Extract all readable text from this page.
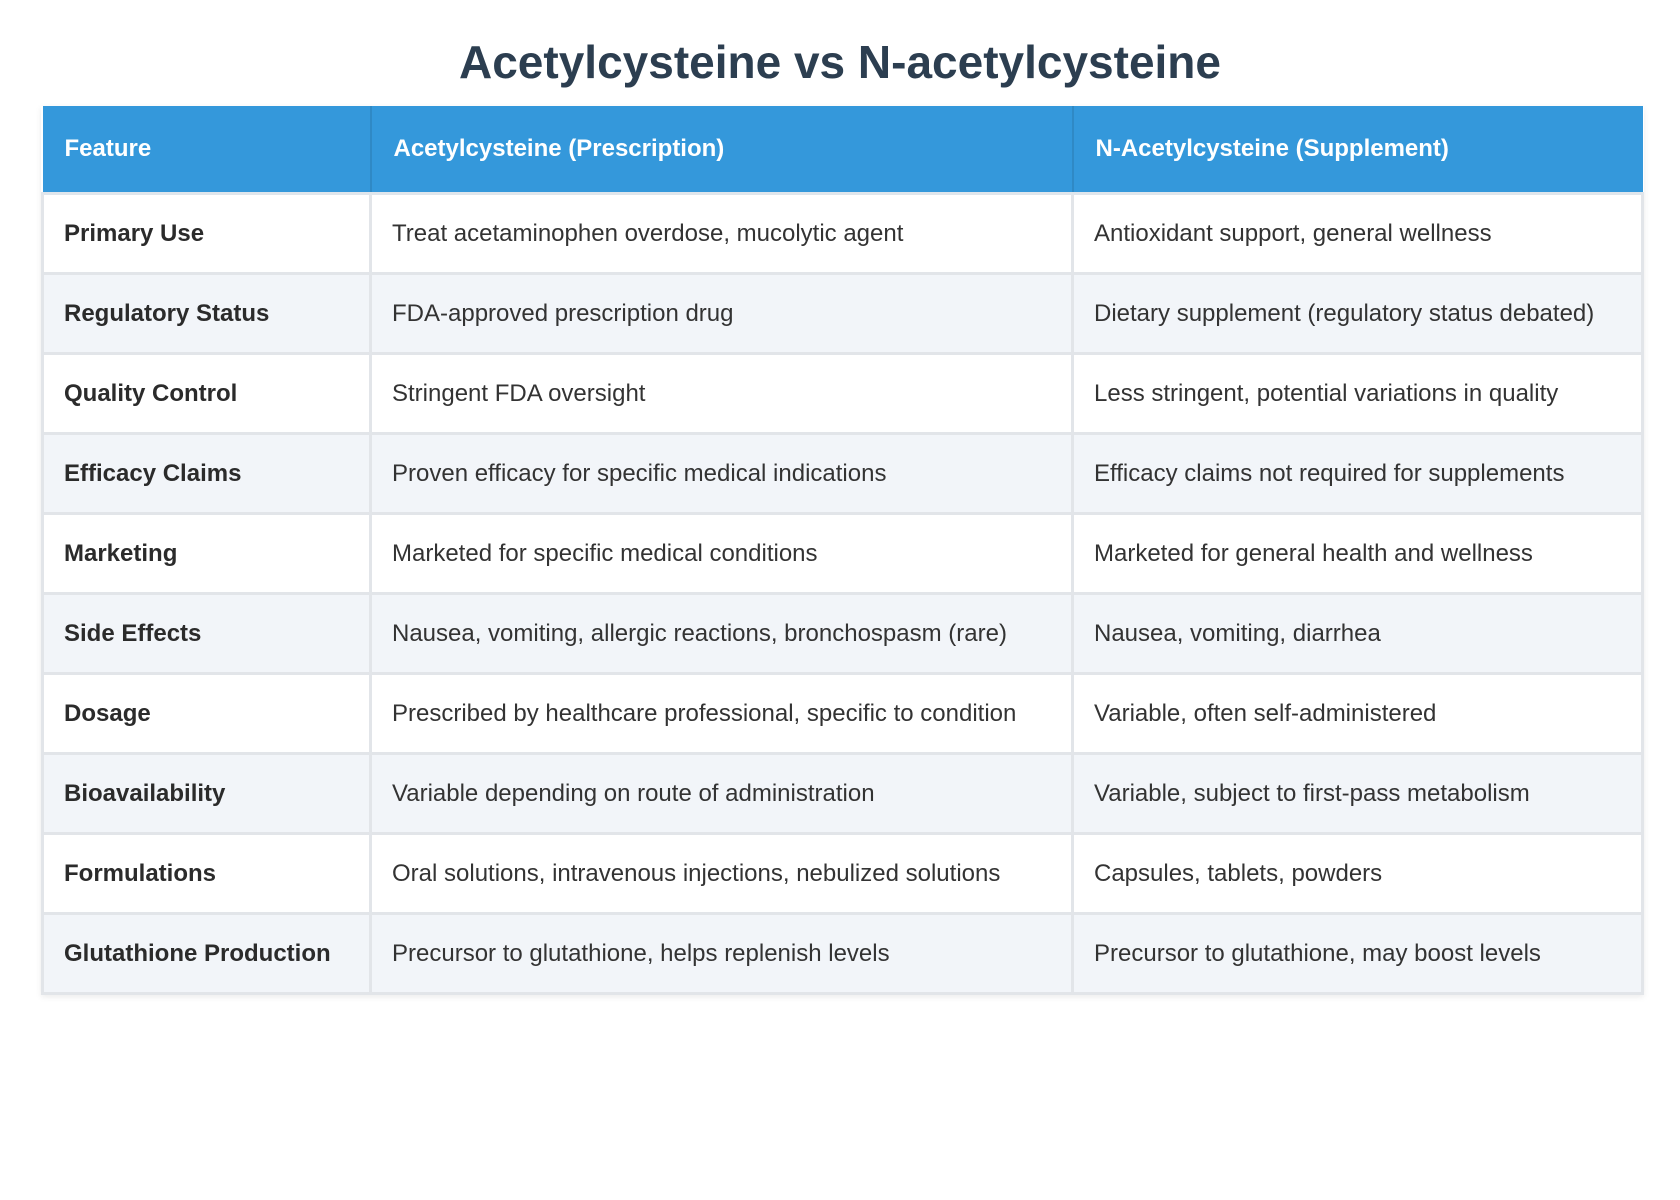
Acetylcysteine vs N-acetylcysteine
Feature	Acetylcysteine (Prescription)	N-Acetylcysteine (Supplement)
Primary Use	Treat acetaminophen overdose, mucolytic agent	Antioxidant support, general wellness
Regulatory Status	FDA-approved prescription drug	Dietary supplement (regulatory status debated)
Quality Control	Stringent FDA oversight	Less stringent, potential variations in quality
Efficacy Claims	Proven efficacy for specific medical indications	Efficacy claims not required for supplements
Marketing	Marketed for specific medical conditions	Marketed for general health and wellness
Side Effects	Nausea, vomiting, allergic reactions, bronchospasm (rare)	Nausea, vomiting, diarrhea
Dosage	Prescribed by healthcare professional, specific to condition	Variable, often self-administered
Bioavailability	Variable depending on route of administration	Variable, subject to first-pass metabolism
Formulations	Oral solutions, intravenous injections, nebulized solutions	Capsules, tablets, powders
Glutathione Production	Precursor to glutathione, helps replenish levels	Precursor to glutathione, may boost levels
